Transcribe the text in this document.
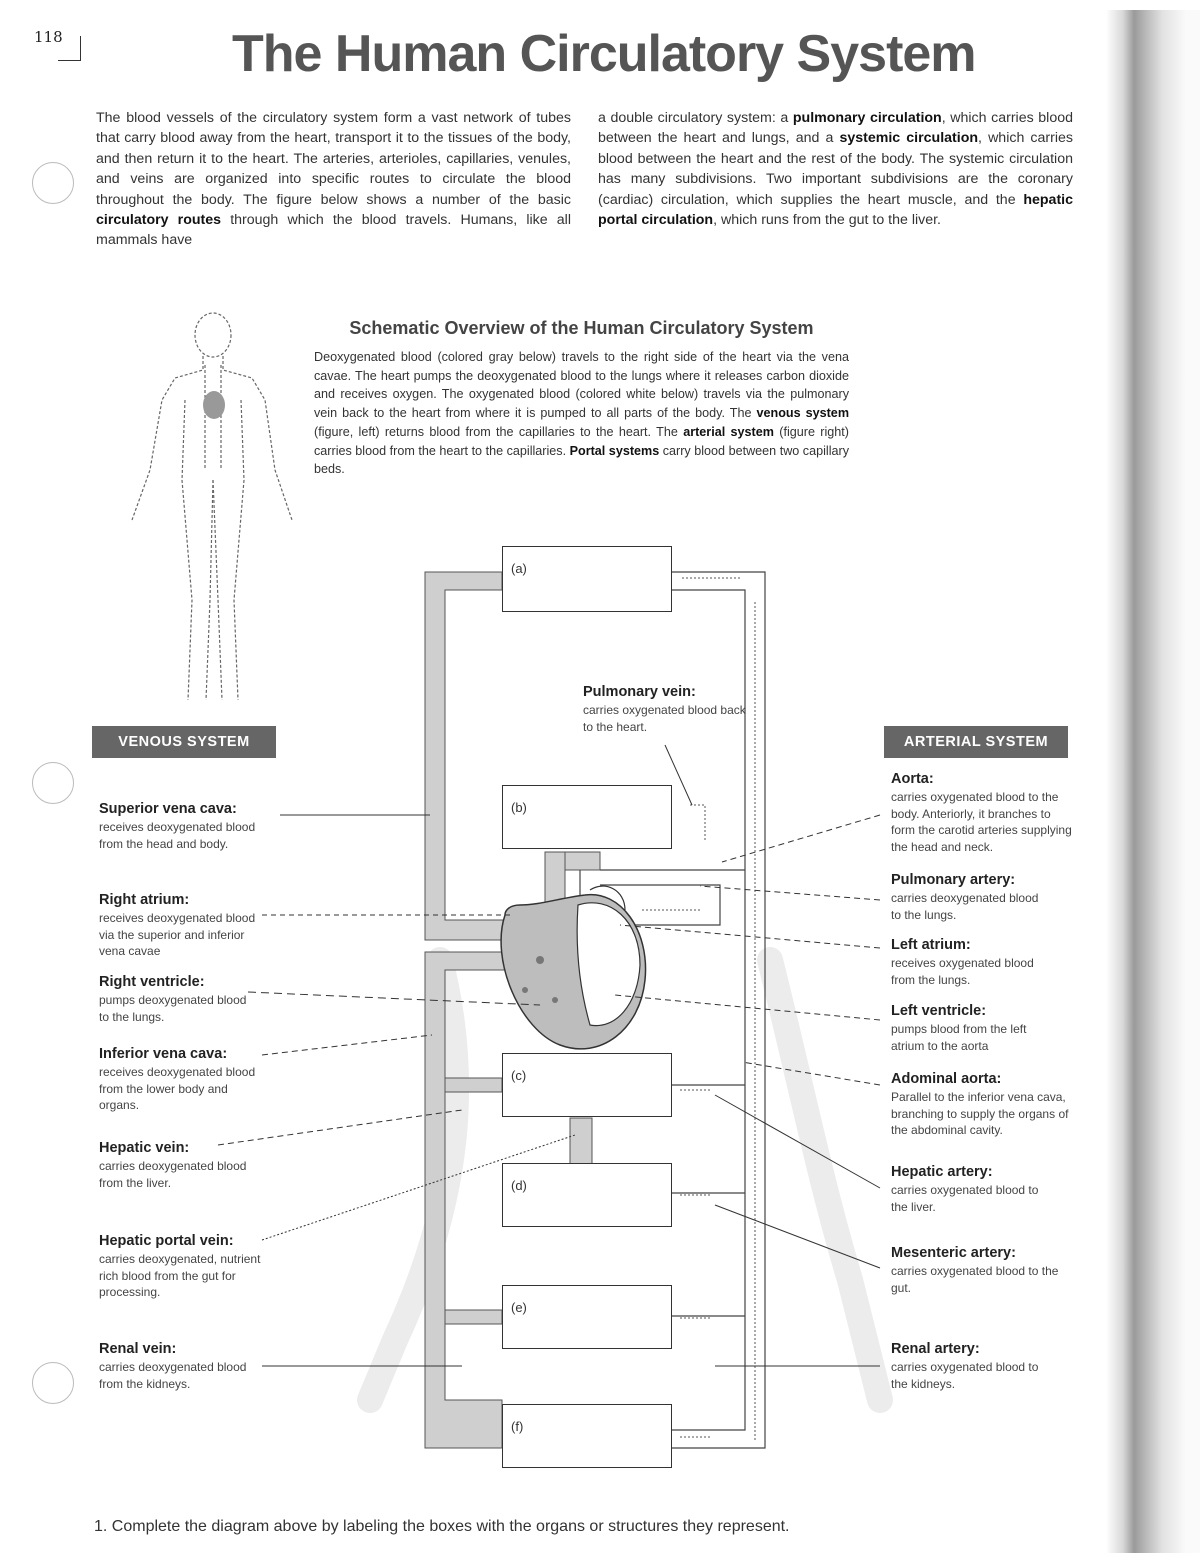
118	The Human Circulatory System
The blood vessels of the circulatory system form a vast network of tubes that carry blood away from the heart, transport it to the tissues of the body, and then return it to the heart. The arteries, arterioles, capillaries, venules, and veins are organized into specific routes to circulate the blood throughout the body. The figure below shows a number of the basic circulatory routes through which the blood travels. Humans, like all mammals have
a double circulatory system: a pulmonary circulation, which carries blood between the heart and lungs, and a systemic circulation, which carries blood between the heart and the rest of the body. The systemic circulation has many subdivisions. Two important subdivisions are the coronary (cardiac) circulation, which supplies the heart muscle, and the hepatic portal circulation, which runs from the gut to the liver.
Schematic Overview of the Human Circulatory System
Deoxygenated blood (colored gray below) travels to the right side of the heart via the vena cavae. The heart pumps the deoxygenated blood to the lungs where it releases carbon dioxide and receives oxygen. The oxygenated blood (colored white below) travels via the pulmonary vein back to the heart from where it is pumped to all parts of the body. The venous system (figure, left) returns blood from the capillaries to the heart. The arterial system (figure right) carries blood from the heart to the capillaries. Portal systems carry blood between two capillary beds.
(a)
(b)
(c)
(d)
(e)
(f)
Pulmonary vein:
carries oxygenated blood back to the heart.
VENOUS SYSTEM	ARTERIAL SYSTEM
Superior vena cava:
receives deoxygenated blood from the head and body.
Right atrium:
receives deoxygenated blood via the superior and inferior vena cavae
Right ventricle:
pumps deoxygenated blood to the lungs.
Inferior vena cava:
receives deoxygenated blood from the lower body and organs.
Hepatic vein:
carries deoxygenated blood from the liver.
Hepatic portal vein:
carries deoxygenated, nutrient rich blood from the gut for processing.
Renal vein:
carries deoxygenated blood from the kidneys.
Aorta:
carries oxygenated blood to the body. Anteriorly, it branches to form the carotid arteries supplying the head and neck.
Pulmonary artery:
carries deoxygenated blood to the lungs.
Left atrium:
receives oxygenated blood from the lungs.
Left ventricle:
pumps blood from the left atrium to the aorta
Adominal aorta:
Parallel to the inferior vena cava, branching to supply the organs of the abdominal cavity.
Hepatic artery:
carries oxygenated blood to the liver.
Mesenteric artery:
carries oxygenated blood to the gut.
Renal artery:
carries oxygenated blood to the kidneys.
1. Complete the diagram above by labeling the boxes with the organs or structures they represent.
